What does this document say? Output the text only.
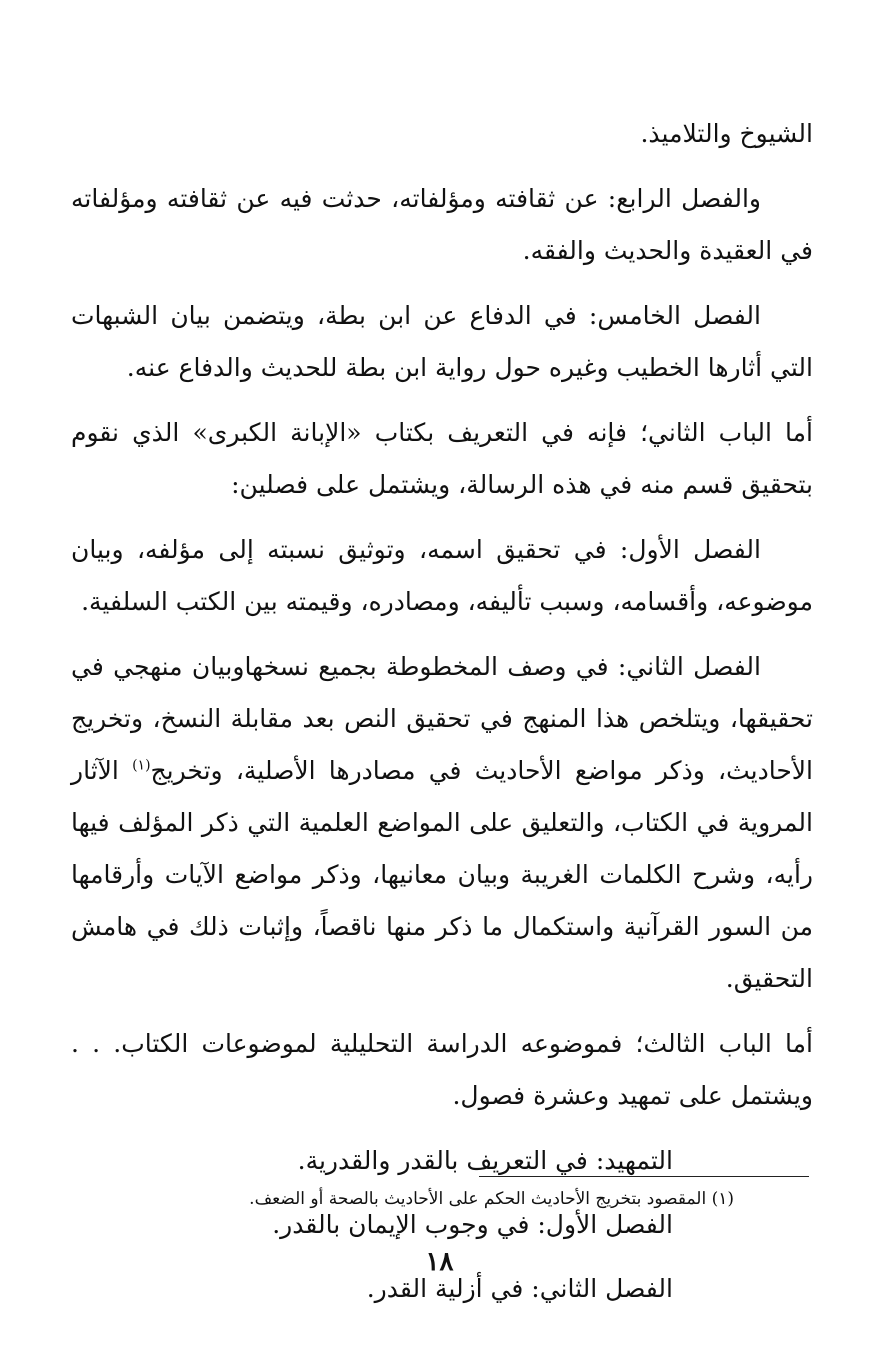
الشيوخ والتلاميذ.

والفصل الرابع: عن ثقافته ومؤلفاته، حدثت فيه عن ثقافته ومؤلفاته في العقيدة والحديث والفقه.

الفصل الخامس: في الدفاع عن ابن بطة، ويتضمن بيان الشبهات التي أثارها الخطيب وغيره حول رواية ابن بطة للحديث والدفاع عنه.

أما الباب الثاني؛ فإنه في التعريف بكتاب «الإبانة الكبرى» الذي نقوم بتحقيق قسم منه في هذه الرسالة، ويشتمل على فصلين:

الفصل الأول: في تحقيق اسمه، وتوثيق نسبته إلى مؤلفه، وبيان موضوعه، وأقسامه، وسبب تأليفه، ومصادره، وقيمته بين الكتب السلفية.

الفصل الثاني: في وصف المخطوطة بجميع نسخهاوبيان منهجي في تحقيقها، ويتلخص هذا المنهج في تحقيق النص بعد مقابلة النسخ، وتخريج الأحاديث، وذكر مواضع الأحاديث في مصادرها الأصلية، وتخريج$^{(١)}$ الآثار المروية في الكتاب، والتعليق على المواضع العلمية التي ذكر المؤلف فيها رأيه، وشرح الكلمات الغريبة وبيان معانيها، وذكر مواضع الآيات وأرقامها من السور القرآنية واستكمال ما ذكر منها ناقصاً، وإثبات ذلك في هامش التحقيق.

أما الباب الثالث؛ فموضوعه الدراسة التحليلية لموضوعات الكتاب. . . ويشتمل على تمهيد وعشرة فصول.

التمهيد: في التعريف بالقدر والقدرية.

الفصل الأول: في وجوب الإيمان بالقدر.

الفصل الثاني: في أزلية القدر.

(١) المقصود بتخريج الأحاديث الحكم على الأحاديث بالصحة أو الضعف.
١٨
